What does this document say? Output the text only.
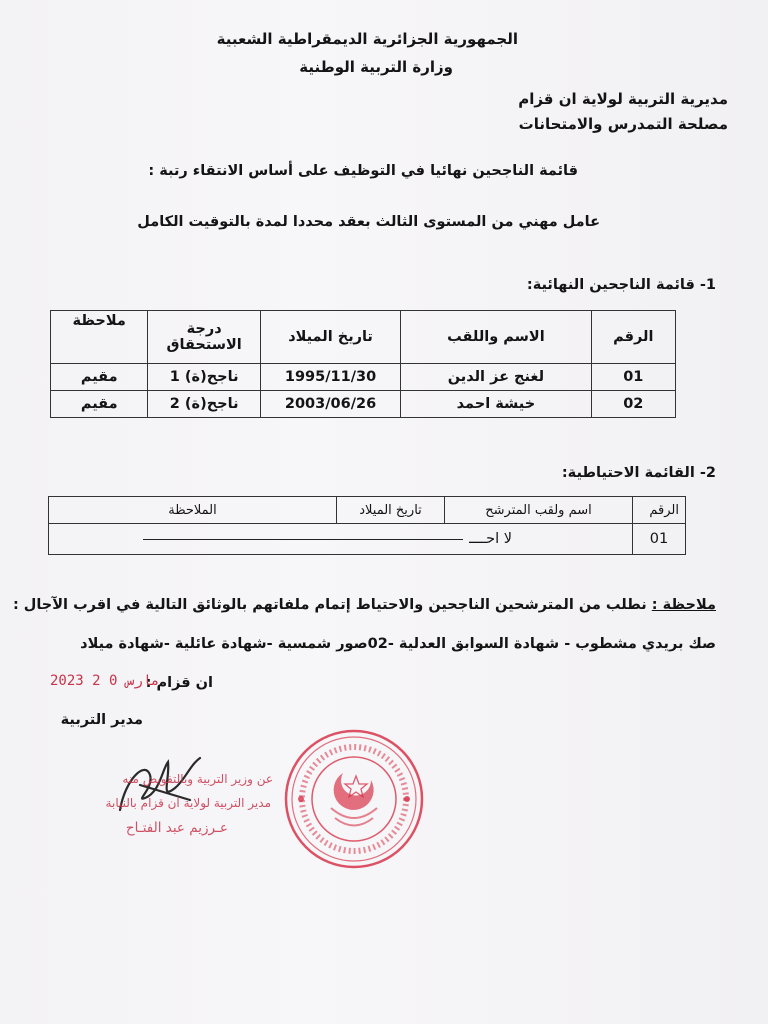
الجمهورية الجزائرية الديمقراطية الشعبية
وزارة التربية الوطنية
مديرية التربية لولاية ان قزام
مصلحة التمدرس والامتحانات
قائمة الناجحين نهائيا في التوظيف على أساس الانتقاء رتبة :
عامل مهني من المستوى الثالث بعقد محددا لمدة بالتوقيت الكامل
1- قائمة الناجحين النهائية:
الرقم	الاسم واللقب	تاريخ الميلاد	درجة الاستحقاق	ملاحظة
01	لغنج عز الدين	1995/11/30	ناجح(ة) 1	مقيم
02	خيشة احمد	2003/06/26	ناجح(ة) 2	مقيم
2- القائمة الاحتياطية:
الرقم	اسم ولقب المترشح	تاريخ الميلاد	الملاحظة
01	لا احــــ		
ملاحظة : نطلب من المترشحين الناجحين والاحتياط إتمام ملفاتهم بالوثائق التالية في اقرب الآجال :
صك بريدي مشطوب - شهادة السوابق العدلية -02صور شمسية -شهادة عائلية -شهادة ميلاد
ان قزام :
2023 مارس 0 2
مدير التربية
عن وزير التربية وبالتفويض منه
مدير التربية لولاية ان قزام بالنيابة
عـرزيم عبد الفتـاح
